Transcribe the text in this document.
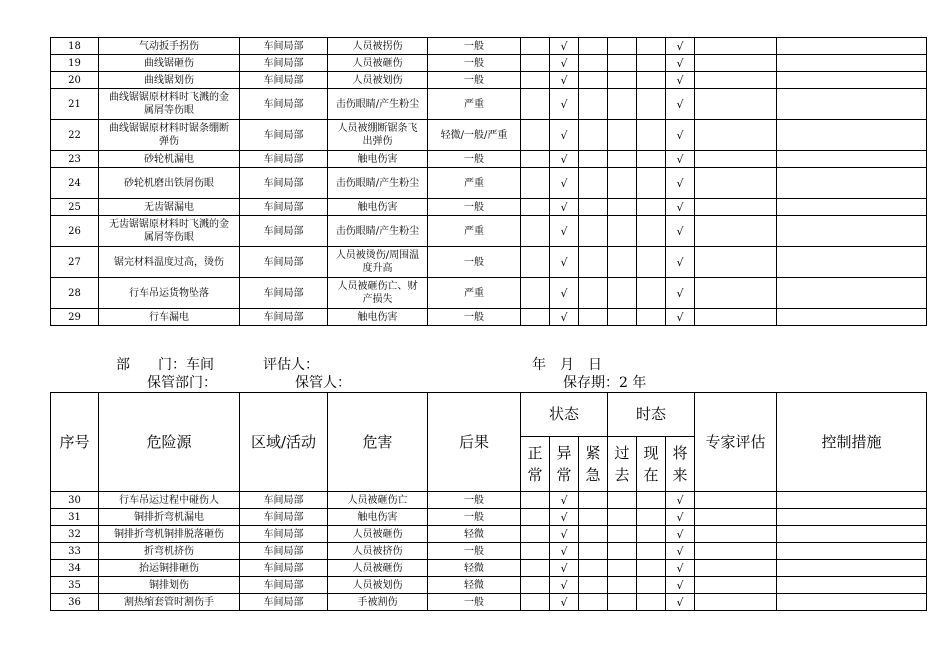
18	气动扳手拐伤	车间局部	人员被拐伤	一般		√				√		
19	曲线锯砸伤	车间局部	人员被砸伤	一般		√				√		
20	曲线锯划伤	车间局部	人员被划伤	一般		√				√		
21	曲线锯锯原材料时飞溅的金属屑等伤眼	车间局部	击伤眼睛/产生粉尘	严重		√				√		
22	曲线锯锯原材料时锯条绷断弹伤	车间局部	人员被绷断锯条飞出弹伤	轻微/一般/严重		√				√		
23	砂轮机漏电	车间局部	触电伤害	一般		√				√		
24	砂轮机磨出铁屑伤眼	车间局部	击伤眼睛/产生粉尘	严重		√				√		
25	无齿锯漏电	车间局部	触电伤害	一般		√				√		
26	无齿锯锯原材料时飞溅的金属屑等伤眼	车间局部	击伤眼睛/产生粉尘	严重		√				√		
27	锯完材料温度过高，烫伤	车间局部	人员被烫伤/周围温度升高	一般		√				√		
28	行车吊运货物坠落	车间局部	人员被砸伤亡、财产损失	严重		√				√		
29	行车漏电	车间局部	触电伤害	一般		√				√		
部　　门：车间	评估人：	年　月　日
保管部门：	保管人：	保存期：2 年
序号	危险源	区域/活动	危害	后果	状态			时态			专家评估	控制措施
					正常	异常	紧急	过去	现在	将来		
30	行车吊运过程中碰伤人	车间局部	人员被砸伤亡	一般		√				√		
31	铜排折弯机漏电	车间局部	触电伤害	一般		√				√		
32	铜排折弯机铜排脱落砸伤	车间局部	人员被砸伤	轻微		√				√		
33	折弯机挤伤	车间局部	人员被挤伤	一般		√				√		
34	抬运铜排砸伤	车间局部	人员被砸伤	轻微		√				√		
35	铜排划伤	车间局部	人员被划伤	轻微		√				√		
36	割热缩套管时割伤手	车间局部	手被割伤	一般		√				√		
